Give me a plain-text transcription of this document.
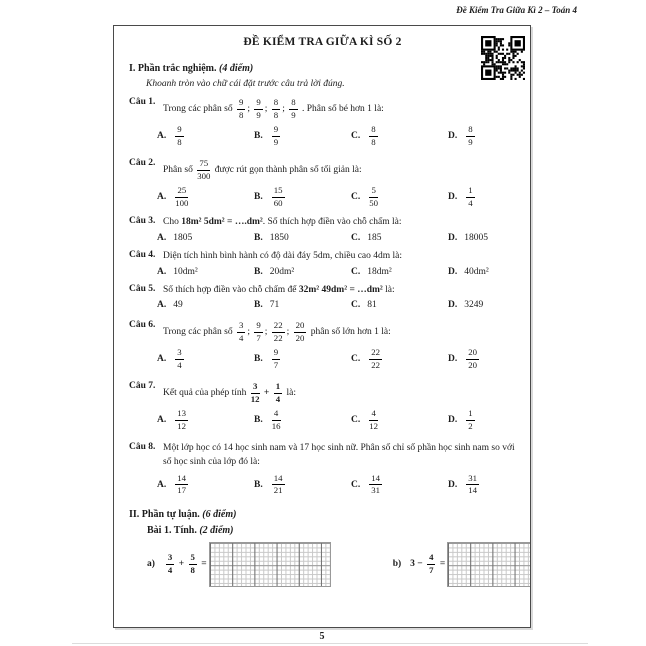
Đề Kiểm Tra Giữa Kì 2 – Toán 4
ĐỀ KIỂM TRA GIỮA KÌ SỐ 2
I. Phần trắc nghiệm. (4 điểm)
Khoanh tròn vào chữ cái đặt trước câu trả lời đúng.
Câu 1.
Trong các phân số $\frac{9}{8}$ ; $\frac{9}{9}$ ; $\frac{8}{8}$ ; $\frac{8}{9}$ . Phân số bé hơn 1 là:
A. $\frac{9}{8}$	B. $\frac{9}{9}$	C. $\frac{8}{8}$	D. $\frac{8}{9}$
Câu 2.
Phân số $\frac{75}{300}$ được rút gọn thành phân số tối giản là:
A. $\frac{25}{100}$	B. $\frac{15}{60}$	C. $\frac{5}{50}$	D. $\frac{1}{4}$
Câu 3. Cho 18m² 5dm² = ….dm². Số thích hợp điền vào chỗ chấm là:
A. 1805	B. 1850	C. 185	D. 18005
Câu 4. Diện tích hình bình hành có độ dài đáy 5dm, chiều cao 4dm là:
A. 10dm²	B. 20dm²	C. 18dm²	D. 40dm²
Câu 5. Số thích hợp điền vào chỗ chấm để 32m² 49dm² = …dm² là:
A. 49	B. 71	C. 81	D. 3249
Câu 6.
Trong các phân số $\frac{3}{4}$ ; $\frac{9}{7}$ ; $\frac{22}{22}$ ; $\frac{20}{20}$ phân số lớn hơn 1 là:
A. $\frac{3}{4}$	B. $\frac{9}{7}$	C. $\frac{22}{22}$	D. $\frac{20}{20}$
Câu 7.
Kết quả của phép tính $\frac{3}{12} + \frac{1}{4}$ là:
A. $\frac{13}{12}$	B. $\frac{4}{16}$	C. $\frac{4}{12}$	D. $\frac{1}{2}$
Câu 8. Một lớp học có 14 học sinh nam và 17 học sinh nữ. Phân số chỉ số phần học sinh nam so với số học sinh của lớp đó là:
A. $\frac{14}{17}$	B. $\frac{14}{21}$	C. $\frac{14}{31}$	D. $\frac{31}{14}$
II. Phần tự luận. (6 điểm)
Bài 1. Tính. (2 điểm)
$a) \frac{3}{4} + \frac{5}{8}$ =	b) $3 - \frac{4}{7}$ =
5
